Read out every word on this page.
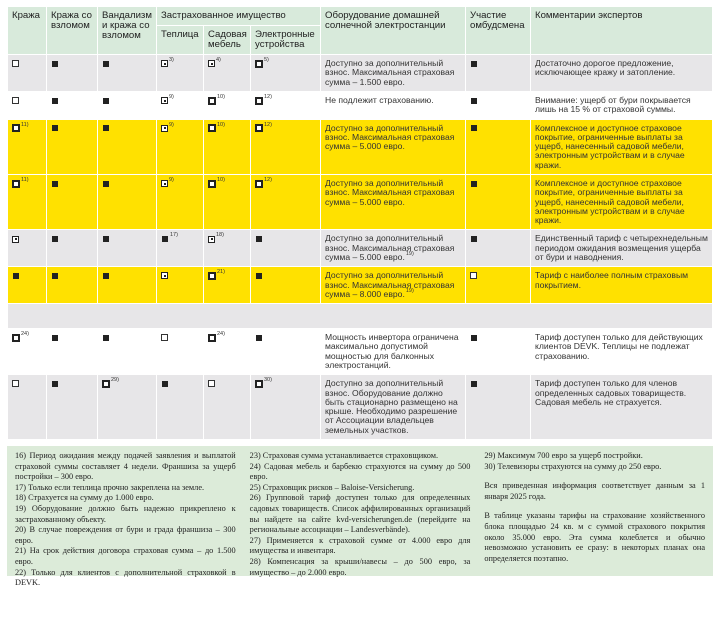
Кража	Кража со взломом	Вандализм и кража со взломом	Застрахованное имущество			Оборудование домашней солнечной электростанции	Участие омбудсмена	Комментарии экспертов
			Теплица	Садовая мебель	Электронные устройства			
			$^{3)}$	$^{4)}$	$^{5)}$	Доступно за дополнительный взнос. Максимальная страховая сумма – 1.500 евро.		Достаточно дорогое предложение, исключающее кражу и затопление.
			$^{9)}$	$^{10)}$	$^{12)}$	Не подлежит страхованию.		Внимание: ущерб от бури покрывается лишь на 15 % от страховой суммы.
$^{11)}$			$^{9)}$	$^{10)}$	$^{12)}$	Доступно за дополнительный взнос. Максимальная страховая сумма – 5.000 евро.		Комплексное и доступное страховое покрытие, ограниченные выплаты за ущерб, нанесенный садовой мебели, электронным устройствам и в случае кражи.
$^{11)}$			$^{9)}$	$^{10)}$	$^{12)}$	Доступно за дополнительный взнос. Максимальная страховая сумма – 5.000 евро.		Комплексное и доступное страховое покрытие, ограниченные выплаты за ущерб, нанесенный садовой мебели, электронным устройствам и в случае кражи.
			$^{17)}$	$^{18)}$		Доступно за дополнительный взнос. Максимальная страховая сумма – 5.000 евро.$^{19)}$		Единственный тариф с четырехнедельным периодом ожидания возмещения ущерба от бури и наводнения.
				$^{21)}$		Доступно за дополнительный взнос. Максимальная страховая сумма – 8.000 евро.$^{19)}$		Тариф с наиболее полным страховым покрытием.

$^{24)}$				$^{24)}$		Мощность инвертора ограничена максимально допустимой мощностью для балконных электростанций.		Тариф доступен только для действующих клиентов DEVK. Теплицы не подлежат страхованию.
		$^{29)}$			$^{30)}$	Доступно за дополнительный взнос. Оборудование должно быть стационарно размещено на крыше. Необходимо разрешение от Ассоциации владельцев земельных участков.		Тариф доступен только для членов определенных садовых товариществ. Садовая мебель не страхуется.

16) Период ожидания между подачей заявления и выплатой страховой суммы составляет 4 недели. Франшиза за ущерб постройки – 300 евро.

17) Только если теплица прочно закреплена на земле.

18) Страхуется на сумму до 1.000 евро.

19) Оборудование должно быть надежно прикреплено к застрахованному объекту.

20) В случае повреждения от бури и града франшиза – 300 евро.

21) На срок действия договора страховая сумма – до 1.500 евро.

22) Только для клиентов с дополнительной страховкой в DEVK.

23) Страховая сумма устанавливается страховщиком.

24) Садовая мебель и барбекю страхуются на сумму до 500 евро.

25) Страховщик рисков – Baloise-Versicherung.

26) Групповой тариф доступен только для определенных садовых товариществ. Список аффилированных организаций вы найдете на сайте kvd-versicherungen.de (перейдите на региональные ассоциации – Landesverbände).

27) Применяется к страховой сумме от 4.000 евро для имущества и инвентаря.

28) Компенсация за крыши/навесы – до 500 евро, за имущество – до 2.000 евро.

29) Максимум 700 евро за ущерб постройки.

30) Телевизоры страхуются на сумму до 250 евро.

Вся приведенная информация соответствует данным за 1 января 2025 года.

В таблице указаны тарифы на страхование хозяйственного блока площадью 24 кв. м с суммой страхового покрытия около 35.000 евро. Эта сумма колеблется и обычно невозможно установить ее сразу: в некоторых планах она определяется поэтапно.
